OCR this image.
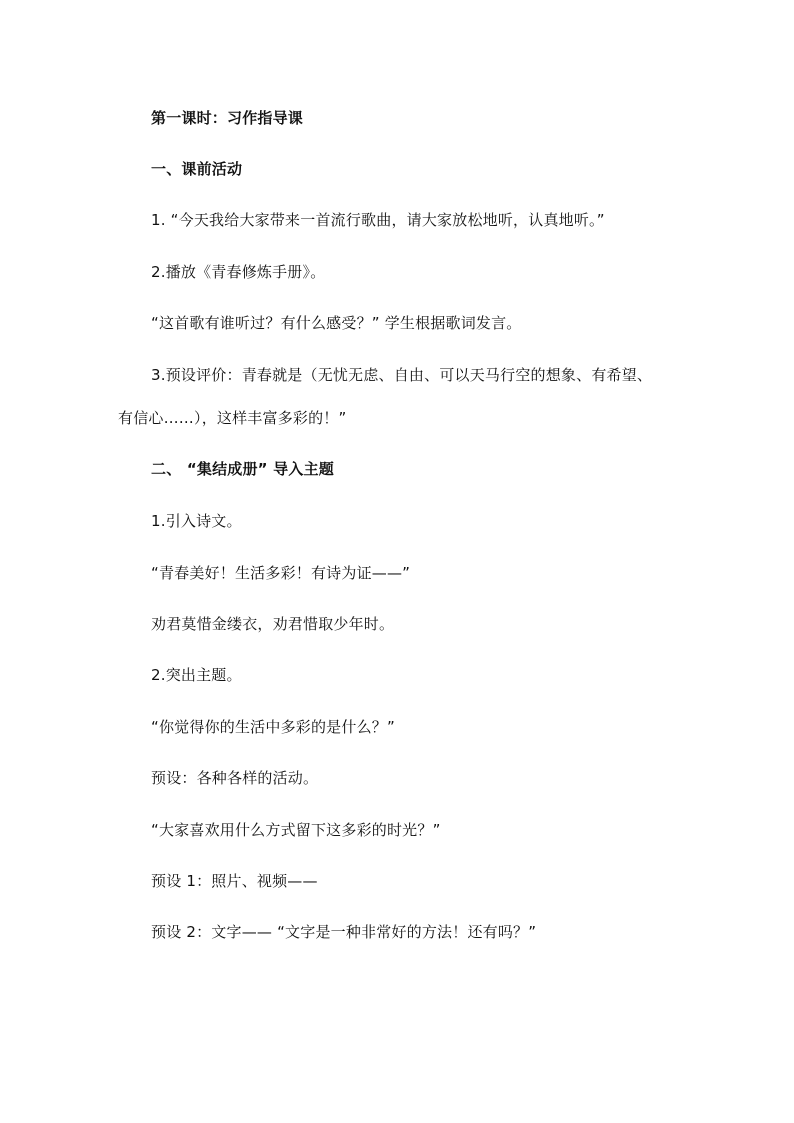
第一课时：习作指导课
一、课前活动
1. “今天我给大家带来一首流行歌曲，请大家放松地听，认真地听。”
2.播放《青春修炼手册》。
“这首歌有谁听过？有什么感受？” 学生根据歌词发言。
3.预设评价：青春就是（无忧无虑、自由、可以天马行空的想象、有希望、
有信心……），这样丰富多彩的！”
二、 “集结成册” 导入主题
1.引入诗文。
“青春美好！生活多彩！有诗为证——”
劝君莫惜金缕衣，劝君惜取少年时。
2.突出主题。
“你觉得你的生活中多彩的是什么？”
预设：各种各样的活动。
“大家喜欢用什么方式留下这多彩的时光？”
预设 1：照片、视频——
预设 2：文字—— “文字是一种非常好的方法！还有吗？”
